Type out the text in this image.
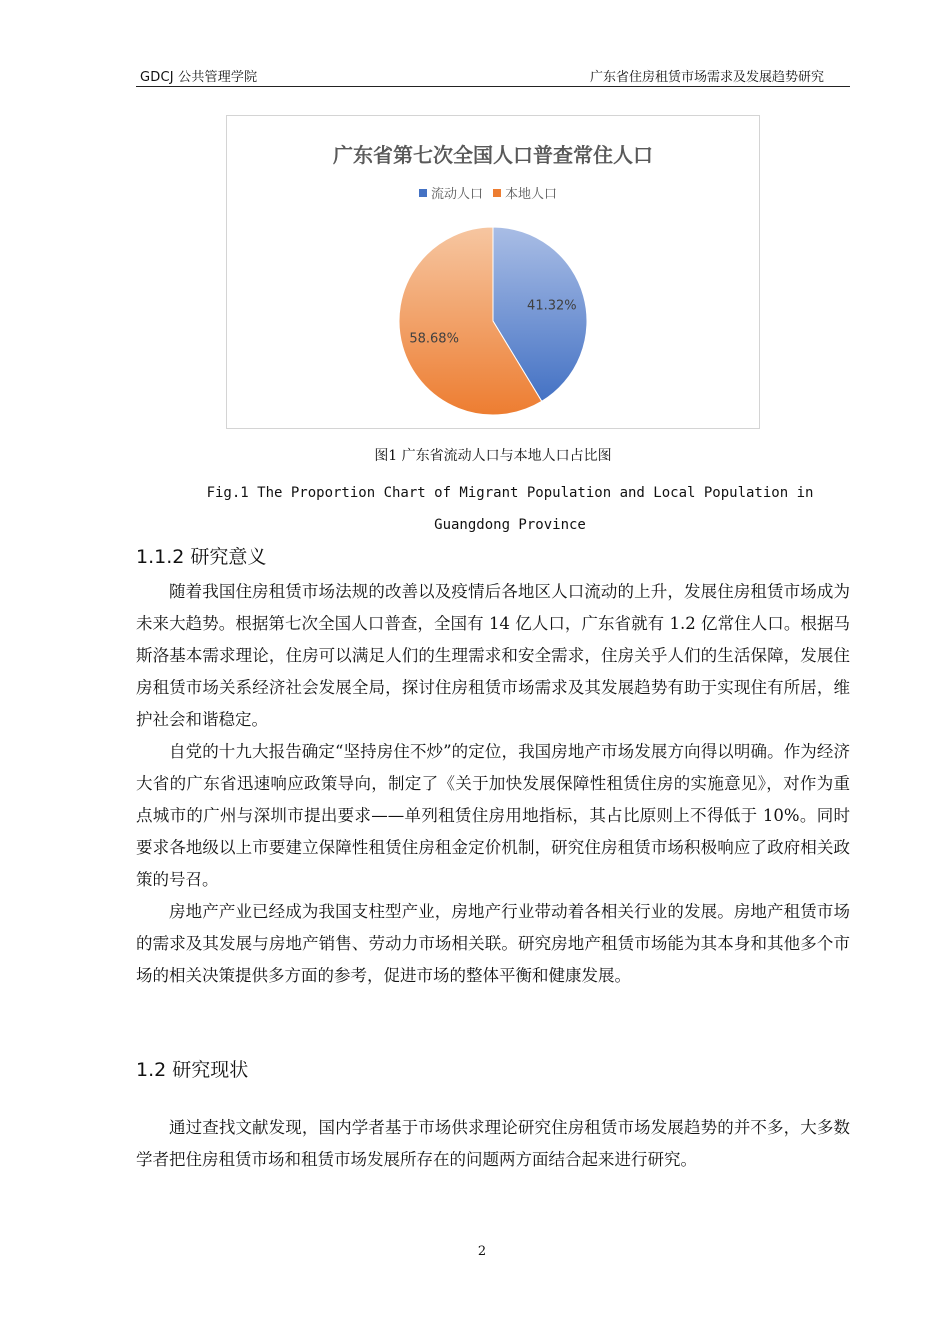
GDCJ 公共管理学院	广东省住房租赁市场需求及发展趋势研究
广东省第七次全国人口普查常住人口
流动人口 本地人口
41.32%
58.68%
图1 广东省流动人口与本地人口占比图
Fig.1 The Proportion Chart of Migrant Population and Local Population in Guangdong Province
1.1.2 研究意义

随着我国住房租赁市场法规的改善以及疫情后各地区人口流动的上升，发展住房租赁市场成为未来大趋势。根据第七次全国人口普查，全国有 14 亿人口，广东省就有 1.2 亿常住人口。根据马斯洛基本需求理论，住房可以满足人们的生理需求和安全需求，住房关乎人们的生活保障，发展住房租赁市场关系经济社会发展全局，探讨住房租赁市场需求及其发展趋势有助于实现住有所居，维护社会和谐稳定。

自党的十九大报告确定“坚持房住不炒”的定位，我国房地产市场发展方向得以明确。作为经济大省的广东省迅速响应政策导向，制定了《关于加快发展保障性租赁住房的实施意见》，对作为重点城市的广州与深圳市提出要求——单列租赁住房用地指标，其占比原则上不得低于 10%。同时要求各地级以上市要建立保障性租赁住房租金定价机制，研究住房租赁市场积极响应了政府相关政策的号召。

房地产产业已经成为我国支柱型产业，房地产行业带动着各相关行业的发展。房地产租赁市场的需求及其发展与房地产销售、劳动力市场相关联。研究房地产租赁市场能为其本身和其他多个市场的相关决策提供多方面的参考，促进市场的整体平衡和健康发展。

1.2 研究现状

通过查找文献发现，国内学者基于市场供求理论研究住房租赁市场发展趋势的并不多，大多数学者把住房租赁市场和租赁市场发展所存在的问题两方面结合起来进行研究。

2
